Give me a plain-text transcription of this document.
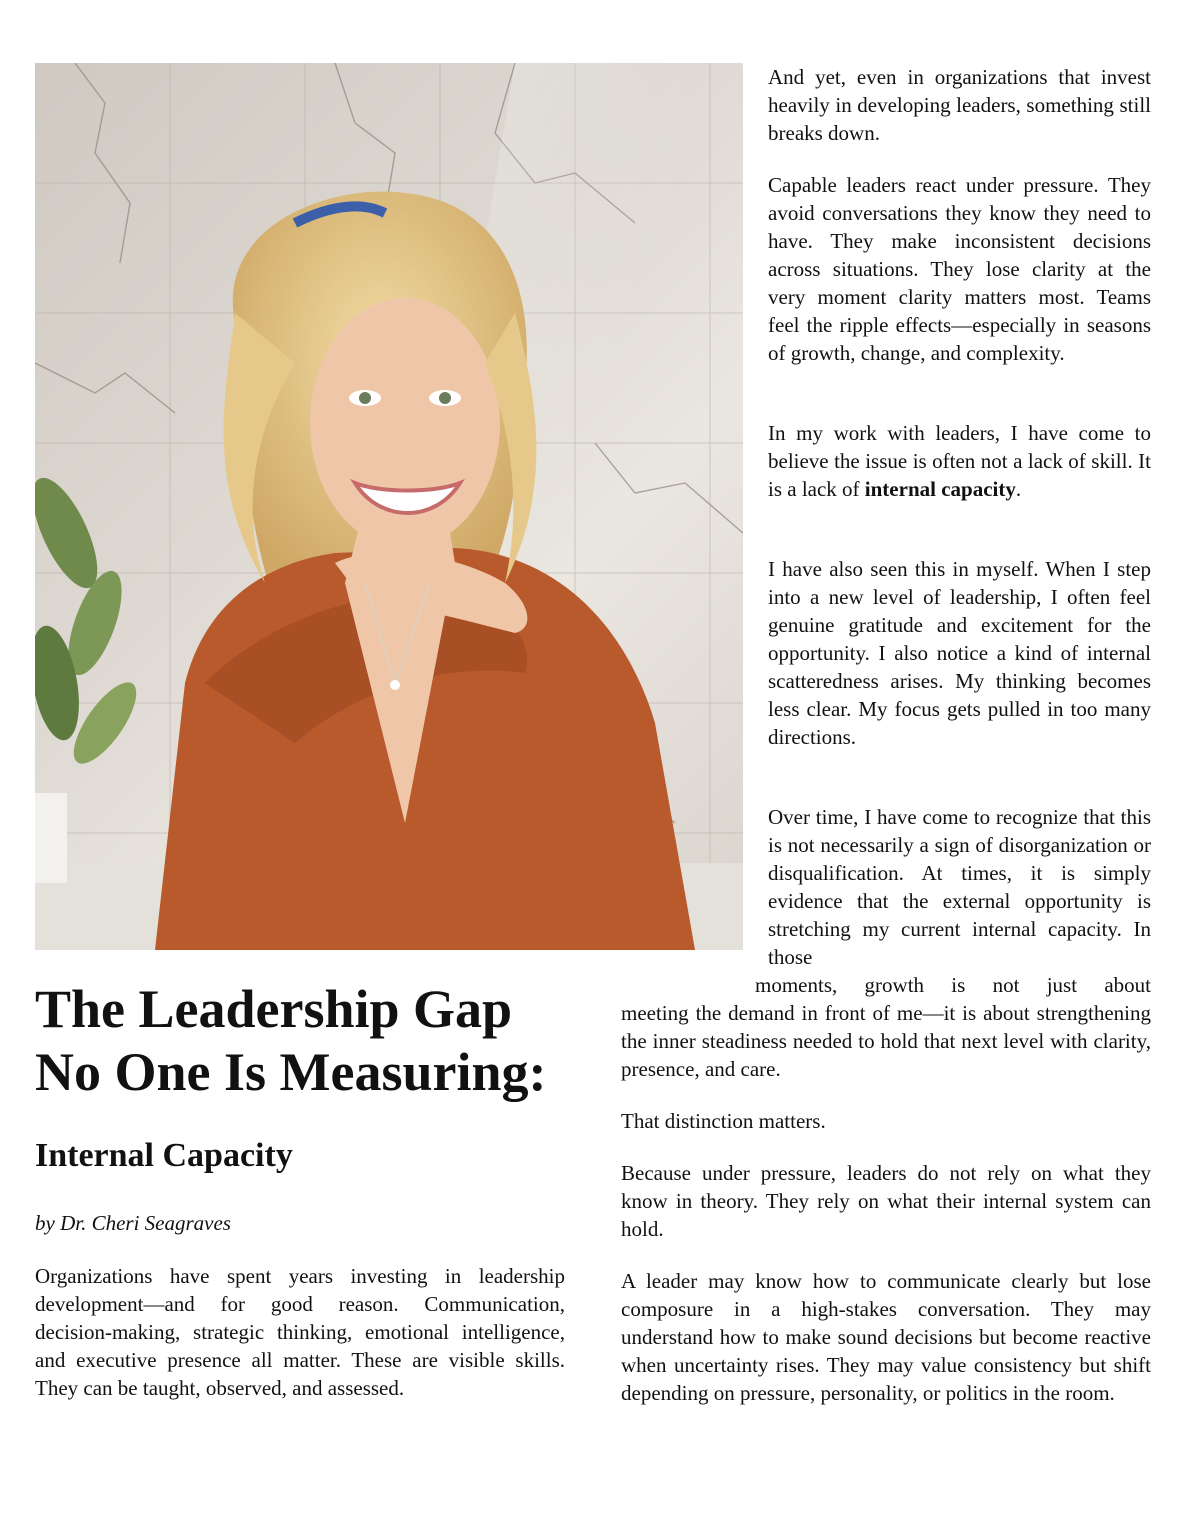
And yet, even in organizations that invest heavily in developing leaders, something still breaks down.

Capable leaders react under pressure. They avoid conversations they know they need to have. They make inconsistent decisions across situations. They lose clarity at the very moment clarity matters most. Teams feel the ripple effects—especially in seasons of growth, change, and complexity.

In my work with leaders, I have come to believe the issue is often not a lack of skill. It is a lack of internal capacity.

I have also seen this in myself. When I step into a new level of leadership, I often feel genuine gratitude and excitement for the opportunity. I also notice a kind of internal scatteredness arises. My thinking becomes less clear. My focus gets pulled in too many directions.

Over time, I have come to recognize that this is not necessarily a sign of disorganization or disqualification. At times, it is simply evidence that the external opportunity is stretching my current internal capacity. In those

moments, growth is not just about

meeting the demand in front of me—it is about strengthening the inner steadiness needed to hold that next level with clarity, presence, and care.

That distinction matters.

Because under pressure, leaders do not rely on what they know in theory. They rely on what their internal system can hold.

A leader may know how to communicate clearly but lose composure in a high-stakes conversation. They may understand how to make sound decisions but become reactive when uncertainty rises. They may value consistency but shift depending on pressure, personality, or politics in the room.

The Leadership Gap
No One Is Measuring:
Internal Capacity

by Dr. Cheri Seagraves

Organizations have spent years investing in leadership development—and for good reason. Communication, decision-making, strategic thinking, emotional intelligence, and executive presence all matter. These are visible skills. They can be taught, observed, and assessed.
